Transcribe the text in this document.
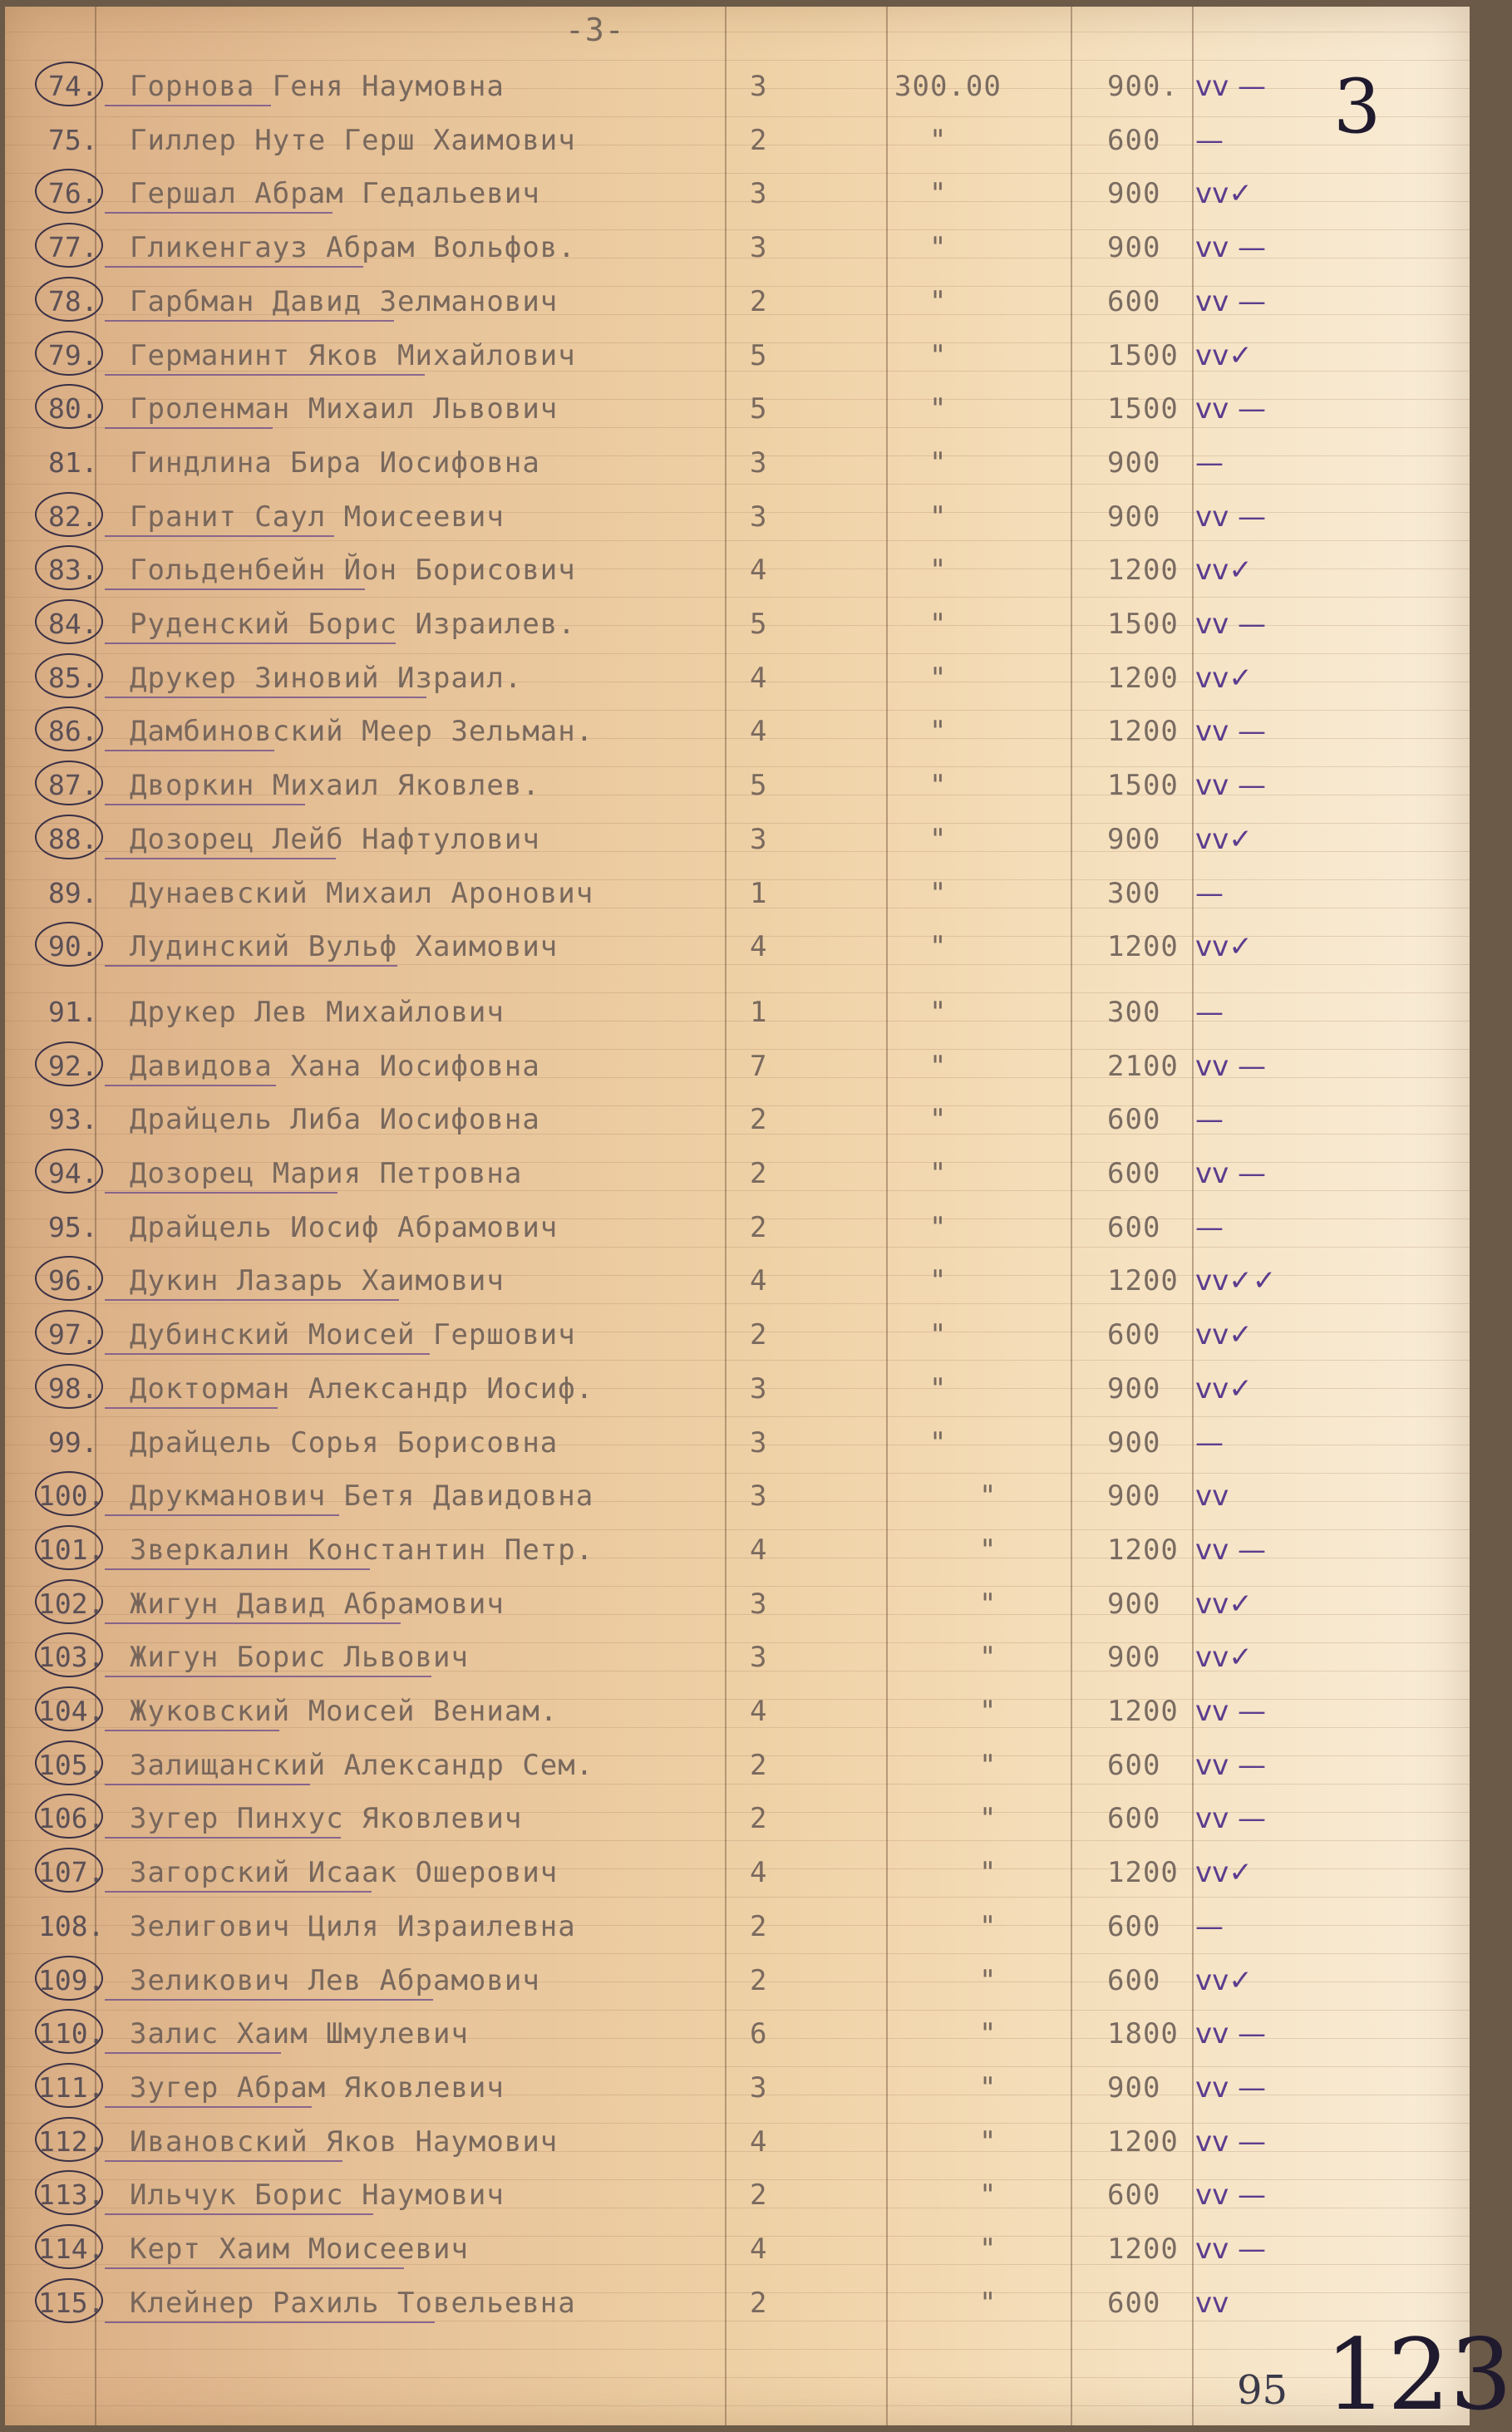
-3-
3
95 123
74. Горнова Геня Наумовна	3	300.00	900. vv —
75. Гиллер Нуте Герш Хаимович	2	"	600 —
76. Гершал Абрам Гедальевич	3	"	900 vv✓
77. Гликенгауз Абрам Вольфов.	3	"	900 vv —
78. Гарбман Давид Зелманович	2	"	600 vv —
79. Германинт Яков Михайлович	5	"	1500 vv✓
80. Гроленман Михаил Львович	5	"	1500 vv —
81. Гиндлина Бира Иосифовна	3	"	900 —
82. Гранит Саул Моисеевич	3	"	900 vv —
83. Гольденбейн Йон Борисович	4	"	1200 vv✓
84. Руденский Борис Израилев.	5	"	1500 vv —
85. Друкер Зиновий Израил.	4	"	1200 vv✓
86. Дамбиновский Меер Зельман.	4	"	1200 vv —
87. Дворкин Михаил Яковлев.	5	"	1500 vv —
88. Дозорец Лейб Нафтулович	3	"	900 vv✓
89. Дунаевский Михаил Аронович	1	"	300 —
90. Лудинский Вульф Хаимович	4	"	1200 vv✓
91. Друкер Лев Михайлович	1	"	300 —
92. Давидова Хана Иосифовна	7	"	2100 vv —
93. Драйцель Либа Иосифовна	2	"	600 —
94. Дозорец Мария Петровна	2	"	600 vv —
95. Драйцель Иосиф Абрамович	2	"	600 —
96. Дукин Лазарь Хаимович	4	"	1200 vv✓✓
97. Дубинский Моисей Гершович	2	"	600 vv✓
98. Докторман Александр Иосиф.	3	"	900 vv✓
99. Драйцель Сорья Борисовна	3	"	900 —
100. Друкманович Бетя Давидовна	3	"	900 vv
101. Зверкалин Константин Петр.	4	"	1200 vv —
102. Жигун Давид Абрамович	3	"	900 vv✓
103. Жигун Борис Львович	3	"	900 vv✓
104. Жуковский Моисей Вениам.	4	"	1200 vv —
105. Залищанский Александр Сем.	2	"	600 vv —
106. Зугер Пинхус Яковлевич	2	"	600 vv —
107. Загорский Исаак Ошерович	4	"	1200 vv✓
108. Зелигович Циля Израилевна	2	"	600 —
109. Зеликович Лев Абрамович	2	"	600 vv✓
110. Залис Хаим Шмулевич	6	"	1800 vv —
111. Зугер Абрам Яковлевич	3	"	900 vv —
112. Ивановский Яков Наумович	4	"	1200 vv —
113. Ильчук Борис Наумович	2	"	600 vv —
114. Керт Хаим Моисеевич	4	"	1200 vv —
115. Клейнер Рахиль Товельевна	2	"	600 vv
